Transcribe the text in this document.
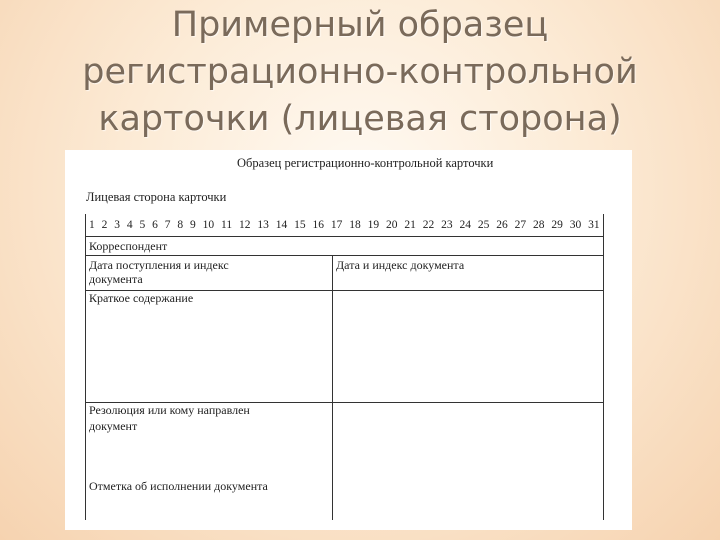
Примерный образец
регистрационно-контрольной
карточки (лицевая сторона)
Образец регистрационно-контрольной карточки
Лицевая сторона карточки
1 2 3 4 5 6 7 8 9 10 11 12 13 14 15 16 17 18 19 20 21 22 23 24 25 26 27 28 29 30 31
Корреспондент
Дата поступления и индекс
документа
Дата и индекс документа
Краткое содержание
Резолюция или кому направлен
документ
Отметка об исполнении документа
